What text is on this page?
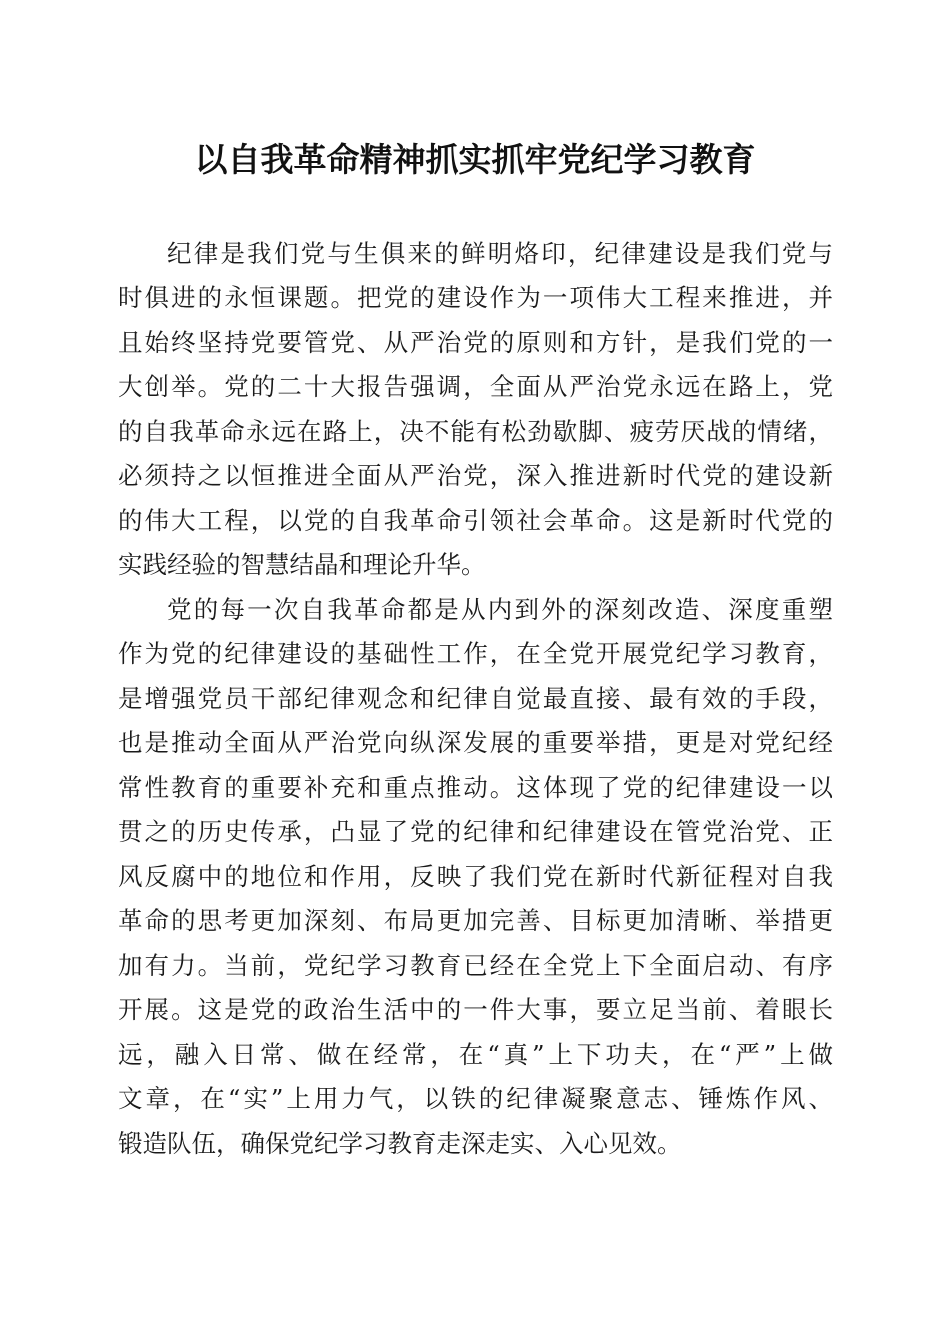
以自我革命精神抓实抓牢党纪学习教育

纪律是我们党与生俱来的鲜明烙印，纪律建设是我们党与

时俱进的永恒课题。把党的建设作为一项伟大工程来推进，并

且始终坚持党要管党、从严治党的原则和方针，是我们党的一

大创举。党的二十大报告强调，全面从严治党永远在路上，党

的自我革命永远在路上，决不能有松劲歇脚、疲劳厌战的情绪，

必须持之以恒推进全面从严治党，深入推进新时代党的建设新

的伟大工程，以党的自我革命引领社会革命。这是新时代党的

实践经验的智慧结晶和理论升华。

党的每一次自我革命都是从内到外的深刻改造、深度重塑

作为党的纪律建设的基础性工作，在全党开展党纪学习教育，

是增强党员干部纪律观念和纪律自觉最直接、最有效的手段，

也是推动全面从严治党向纵深发展的重要举措，更是对党纪经

常性教育的重要补充和重点推动。这体现了党的纪律建设一以

贯之的历史传承，凸显了党的纪律和纪律建设在管党治党、正

风反腐中的地位和作用，反映了我们党在新时代新征程对自我

革命的思考更加深刻、布局更加完善、目标更加清晰、举措更

加有力。当前，党纪学习教育已经在全党上下全面启动、有序

开展。这是党的政治生活中的一件大事，要立足当前、着眼长

远，融入日常、做在经常，在“真”上下功夫，在“严”上做

文章，在“实”上用力气，以铁的纪律凝聚意志、锤炼作风、

锻造队伍，确保党纪学习教育走深走实、入心见效。
